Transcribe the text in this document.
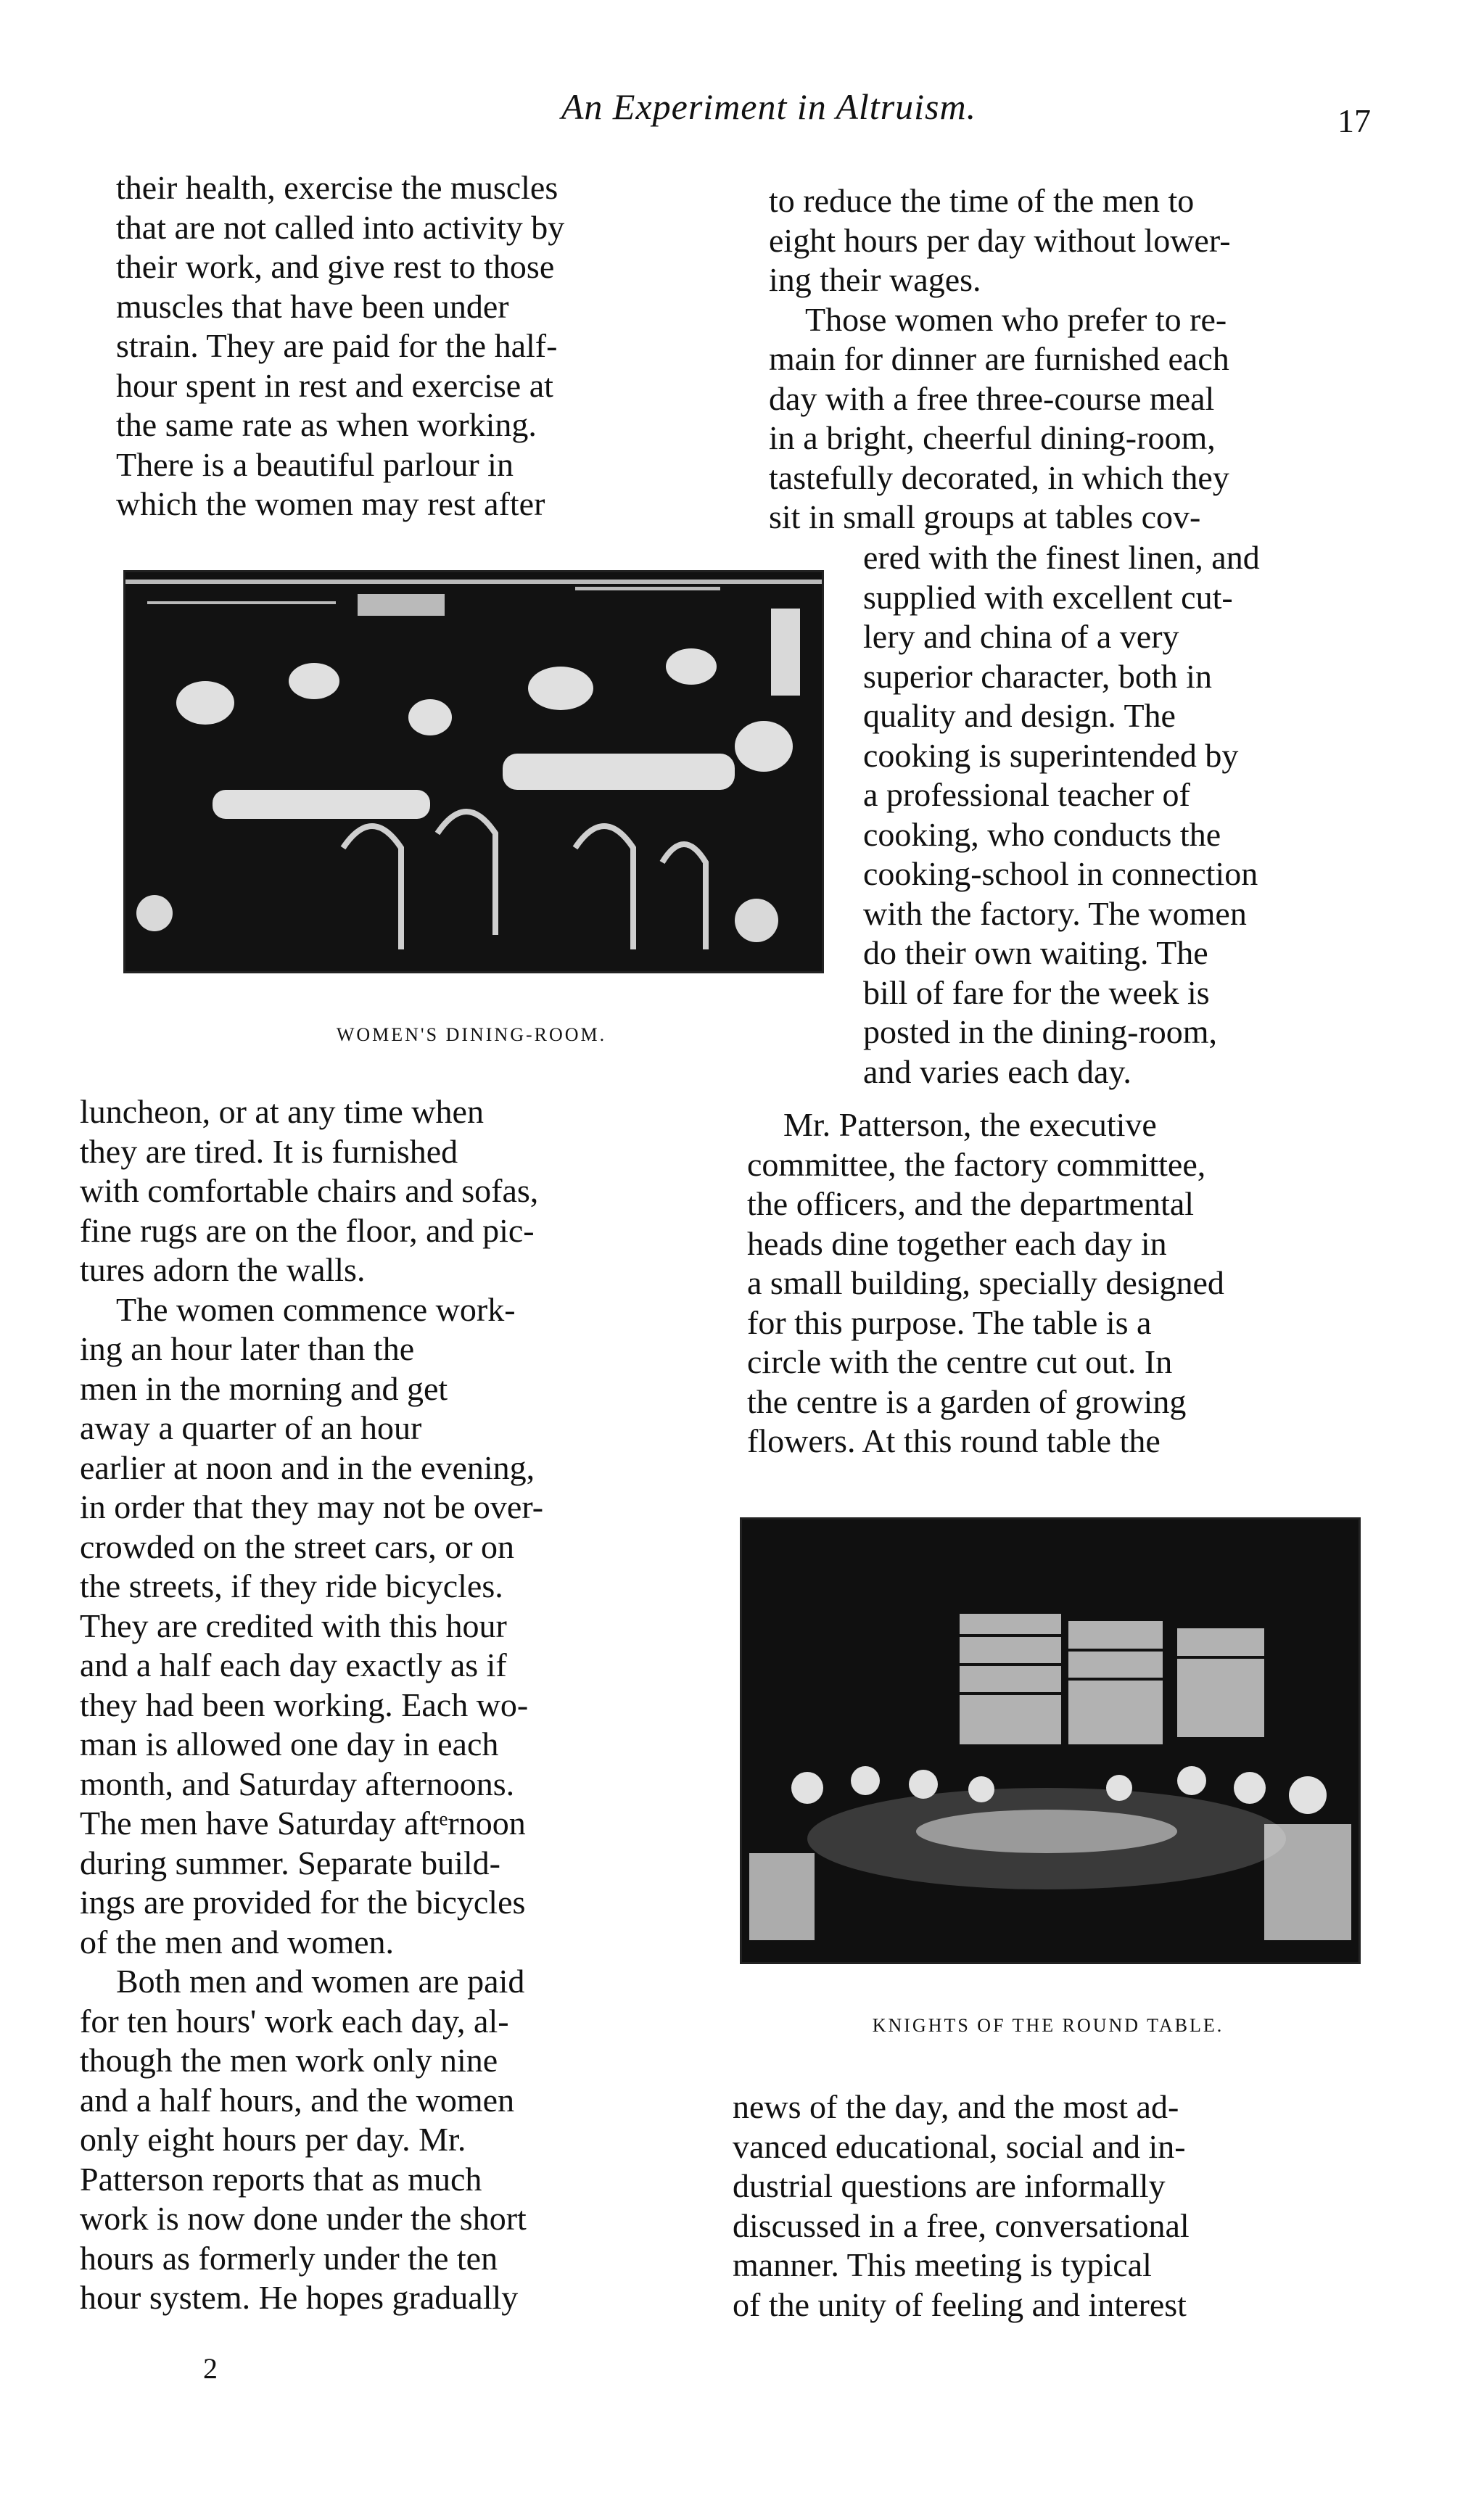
An Experiment in Altruism.	17
their health, exercise the muscles
that are not called into activity by
their work, and give rest to those
muscles that have been under
strain. They are paid for the half-
hour spent in rest and exercise at
the same rate as when working.
There is a beautiful parlour in
which the women may rest after
to reduce the time of the men to
eight hours per day without lower-
ing their wages.
Those women who prefer to re-
main for dinner are furnished each
day with a free three-course meal
in a bright, cheerful dining-room,
tastefully decorated, in which they
sit in small groups at tables cov-
ered with the finest linen, and
supplied with excellent cut-
lery and china of a very
superior character, both in
quality and design. The
cooking is superintended by
a professional teacher of
cooking, who conducts the
cooking-school in connection
with the factory. The women
do their own waiting. The
bill of fare for the week is
posted in the dining-room,
and varies each day.
WOMEN'S DINING-ROOM.
luncheon, or at any time when
they are tired. It is furnished
with comfortable chairs and sofas,
fine rugs are on the floor, and pic-
tures adorn the walls.
The women commence work-
ing an hour later than the
men in the morning and get
away a quarter of an hour
earlier at noon and in the evening,
in order that they may not be over-
crowded on the street cars, or on
the streets, if they ride bicycles.
They are credited with this hour
and a half each day exactly as if
they had been working. Each wo-
man is allowed one day in each
month, and Saturday afternoons.
The men have Saturday aftᵉrnoon
during summer. Separate build-
ings are provided for the bicycles
of the men and women.
Both men and women are paid
for ten hours' work each day, al-
though the men work only nine
and a half hours, and the women
only eight hours per day. Mr.
Patterson reports that as much
work is now done under the short
hours as formerly under the ten
hour system. He hopes gradually
Mr. Patterson, the executive
committee, the factory committee,
the officers, and the departmental
heads dine together each day in
a small building, specially designed
for this purpose. The table is a
circle with the centre cut out. In
the centre is a garden of growing
flowers. At this round table the
KNIGHTS OF THE ROUND TABLE.
news of the day, and the most ad-
vanced educational, social and in-
dustrial questions are informally
discussed in a free, conversational
manner. This meeting is typical
of the unity of feeling and interest
2
